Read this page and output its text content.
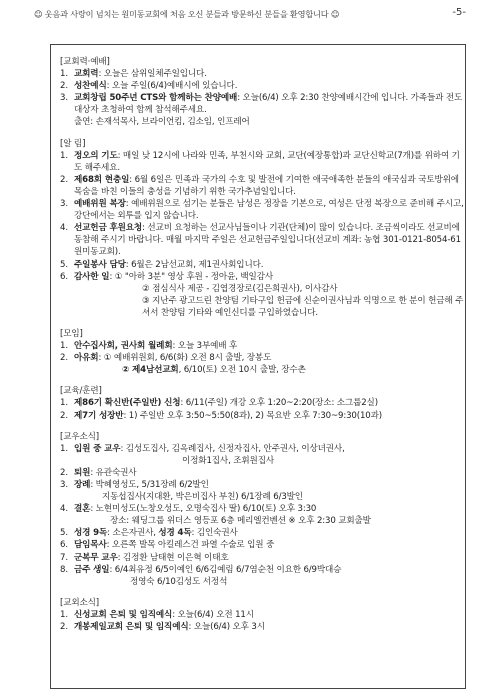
☺ 웃음과 사랑이 넘치는 원미동교회에 처음 오신 분들과 방문하신 분들을 환영합니다 ☺	-5-
[교회력·예배]
1. 교회력: 오늘은 삼위일체주일입니다.
2. 성찬예식: 오늘 주일(6/4)예배시에 있습니다.
3. 교회창립 50주년 CTS와 함께하는 찬양예배: 오늘(6/4) 오후 2:30 찬양예배시간에 입니다. 가족들과 전도대상자 초청하여 함께 참석해주세요.
출연: 손재석목사, 브라이언킴, 김소임, 인프레어
[알 림]
1. 정오의 기도: 매일 낮 12시에 나라와 민족, 부천시와 교회, 교단(예장통합)과 교단신학교(7개)를 위하여 기도 해주세요.
2. 제68회 현충일: 6월 6일은 민족과 국가의 수호 및 발전에 기여한 애국애족한 분들의 애국심과 국토방위에 목숨을 바친 이들의 충성을 기념하기 위한 국가추념일입니다.
3. 예배위원 복장: 예배위원으로 섬기는 분들은 남성은 정장을 기본으로, 여성은 단정 복장으로 준비해 주시고, 강단에서는 외투를 입지 않습니다.
4. 선교헌금 후원요청: 선교비 요청하는 선교사님들이나 기관(단체)이 많이 있습니다. 조금씩이라도 선교비에 동참해 주시기 바랍니다. 매월 마지막 주일은 선교헌금주일입니다(선교비 계좌: 농협 301-0121-8054-61 원미동교회).
5. 주일봉사 담당: 6월은 2남선교회, 제1권사회입니다.
6. 감사한 일: ① "아하 3분" 영상 후원 - 정아윤, 백일감사
② 점심식사 제공 - 김엽경장로(김은희권사), 이사감사
③ 지난주 광고드린 찬양팀 기타구입 헌금에 신순이권사님과 익명으로 한 분이 헌금해 주셔서 찬양팀 기타와 예인신디를 구입하였습니다.
[모임]
1. 안수집사회, 권사회 월례회: 오늘 3부예배 후
2. 아유회: ① 예배위원회, 6/6(화) 오전 8시 출발, 장봉도
② 제4남선교회, 6/10(토) 오전 10시 출발, 장수촌
[교육/훈련]
1. 제86기 확신반(주일반) 신청: 6/11(주일) 개강 오후 1:20~2:20(장소: 소그룹2실)
2. 제7기 성장반: 1) 주일반 오후 3:50~5:50(8과), 2) 목요반 오후 7:30~9:30(10과)
[교우소식]
1. 입원 중 교우: 김성도집사, 김옥례집사, 신정자집사, 안주권사, 이상녀권사,
이정화1집사, 조휘원집사
2. 퇴원: 유관숙권사
3. 장례: 박혜영성도, 5/31장례 6/2발인
지동섭집사(지대환, 박은비집사 부친) 6/1장례 6/3발인
4. 결혼: 노현미성도(노창오성도, 오명숙집사 딸) 6/10(토) 오후 3:30
장소: 웨딩그룹 위더스 영등포 6층 메리엘컨벤션 ※ 오후 2:30 교회출발
5. 성경 9독: 소은자권사, 성경 4독: 김인숙권사
6. 담임목사: 오른쪽 발목 아킬레스건 파열 수술로 입원 중
7. 군복무 교우: 김정환 남태현 이은혁 이태호
8. 금주 생일: 6/4최유정 6/5이예인 6/6김예림 6/7염순천 이요한 6/9박대승
정영숙 6/10김성도 서정석
[교외소식]
1. 신성교회 은퇴 및 임직예식: 오늘(6/4) 오전 11시
2. 개봉제일교회 은퇴 및 임직예식: 오늘(6/4) 오후 3시
